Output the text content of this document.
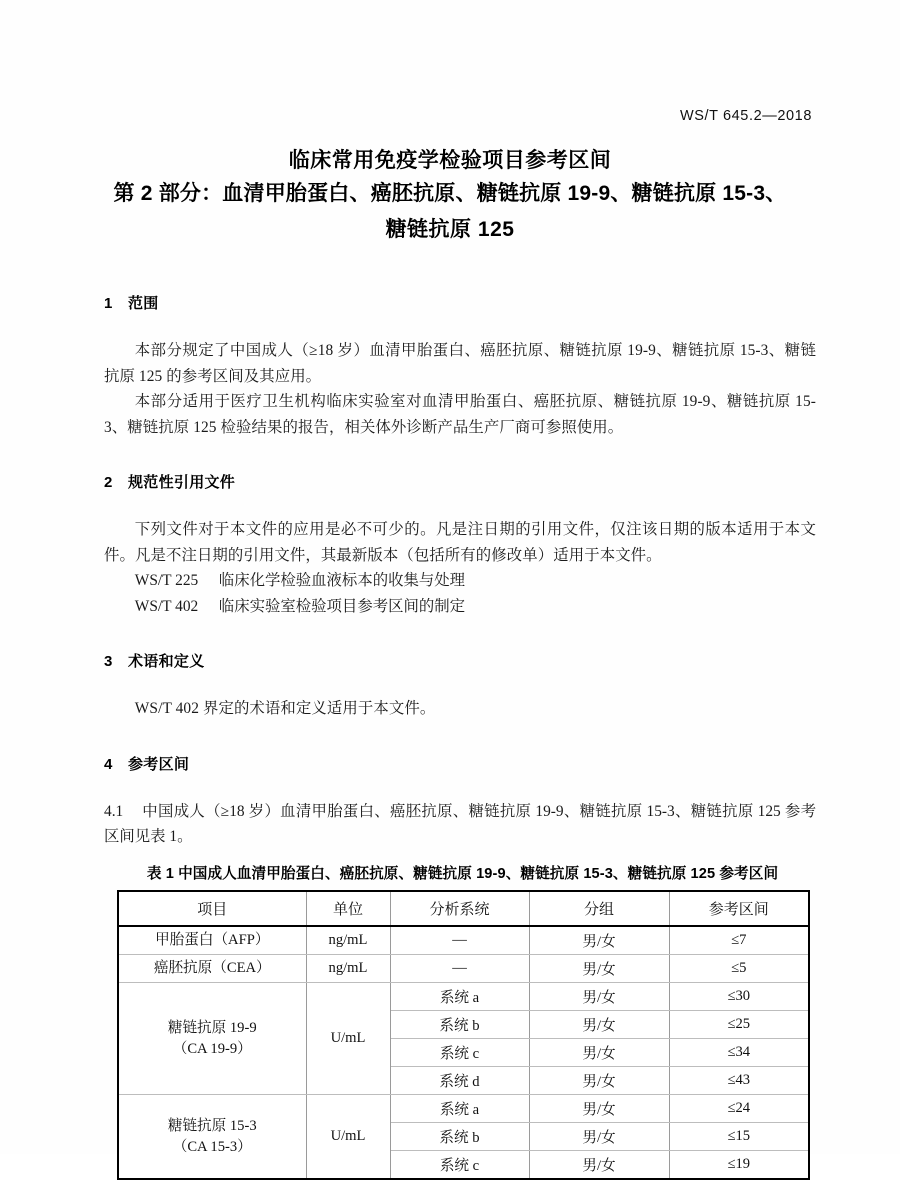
WS/T 645.2—2018
临床常用免疫学检验项目参考区间
第 2 部分：血清甲胎蛋白、癌胚抗原、糖链抗原 19-9、糖链抗原 15-3、
糖链抗原 125
1 范围

本部分规定了中国成人（≥18 岁）血清甲胎蛋白、癌胚抗原、糖链抗原 19-9、糖链抗原 15-3、糖链抗原 125 的参考区间及其应用。

本部分适用于医疗卫生机构临床实验室对血清甲胎蛋白、癌胚抗原、糖链抗原 19-9、糖链抗原 15-3、糖链抗原 125 检验结果的报告，相关体外诊断产品生产厂商可参照使用。

2 规范性引用文件

下列文件对于本文件的应用是必不可少的。凡是注日期的引用文件，仅注该日期的版本适用于本文件。凡是不注日期的引用文件，其最新版本（包括所有的修改单）适用于本文件。

WS/T 225 临床化学检验血液标本的收集与处理

WS/T 402 临床实验室检验项目参考区间的制定

3 术语和定义

WS/T 402 界定的术语和定义适用于本文件。

4 参考区间

4.1 中国成人（≥18 岁）血清甲胎蛋白、癌胚抗原、糖链抗原 19-9、糖链抗原 15-3、糖链抗原 125 参考区间见表 1。

表 1 中国成人血清甲胎蛋白、癌胚抗原、糖链抗原 19-9、糖链抗原 15-3、糖链抗原 125 参考区间
项目	单位	分析系统	分组	参考区间
甲胎蛋白（AFP）	ng/mL	—	男/女	≤7
癌胚抗原（CEA）	ng/mL	—	男/女	≤5

糖链抗原 19-9
（CA 19-9）	U/mL	系统 a	男/女	≤30
		系统 b	男/女	≤25
		系统 c	男/女	≤34
		系统 d	男/女	≤43

糖链抗原 15-3
（CA 15-3）	U/mL	系统 a	男/女	≤24
		系统 b	男/女	≤15
		系统 c	男/女	≤19
